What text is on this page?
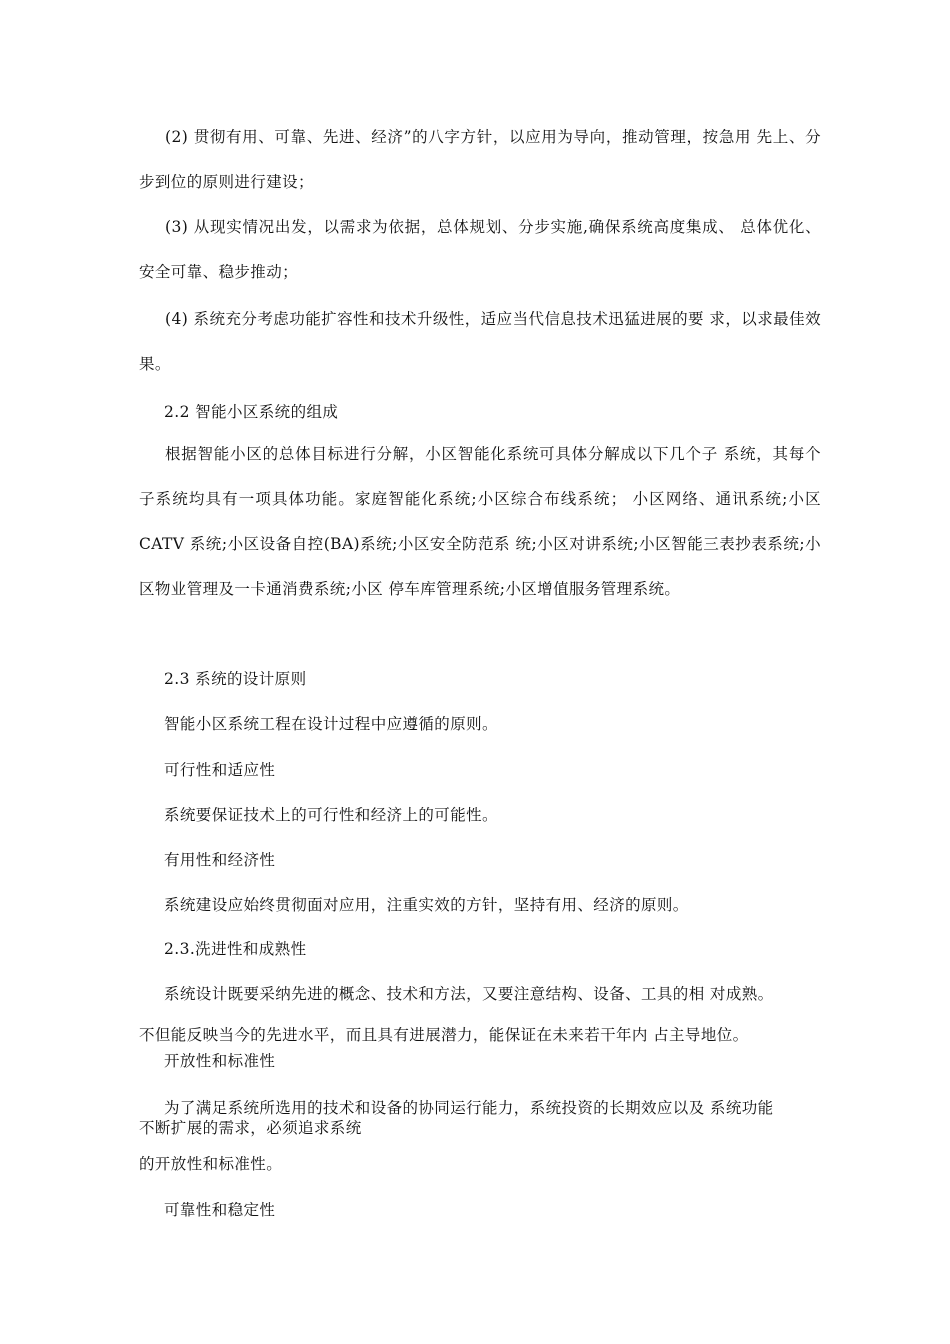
(2) 贯彻有用、可靠、先进、经济”的八字方针，以应用为导向，推动管理，按急用 先上、分步到位的原则进行建设；

(3) 从现实情况出发，以需求为依据，总体规划、分步实施,确保系统高度集成、 总体优化、安全可靠、稳步推动；

(4) 系统充分考虑功能扩容性和技术升级性，适应当代信息技术迅猛进展的要 求，以求最佳效果。

2.2 智能小区系统的组成

根据智能小区的总体目标进行分解，小区智能化系统可具体分解成以下几个子 系统，其每个子系统均具有一项具体功能。家庭智能化系统;小区综合布线系统； 小区网络、通讯系统;小区 CATV 系统;小区设备自控(BA)系统;小区安全防范系 统;小区对讲系统;小区智能三表抄表系统;小区物业管理及一卡通消费系统;小区 停车库管理系统;小区增值服务管理系统。

2.3 系统的设计原则

智能小区系统工程在设计过程中应遵循的原则。

可行性和适应性

系统要保证技术上的可行性和经济上的可能性。

有用性和经济性

系统建设应始终贯彻面对应用，注重实效的方针，坚持有用、经济的原则。

2.3.洗进性和成熟性

系统设计既要采纳先进的概念、技术和方法，又要注意结构、设备、工具的相 对成熟。

不但能反映当今的先进水平，而且具有进展潜力，能保证在未来若干年内 占主导地位。

开放性和标准性

为了满足系统所选用的技术和设备的协同运行能力，系统投资的长期效应以及 系统功能

不断扩展的需求，必须追求系统

的开放性和标准性。

可靠性和稳定性
